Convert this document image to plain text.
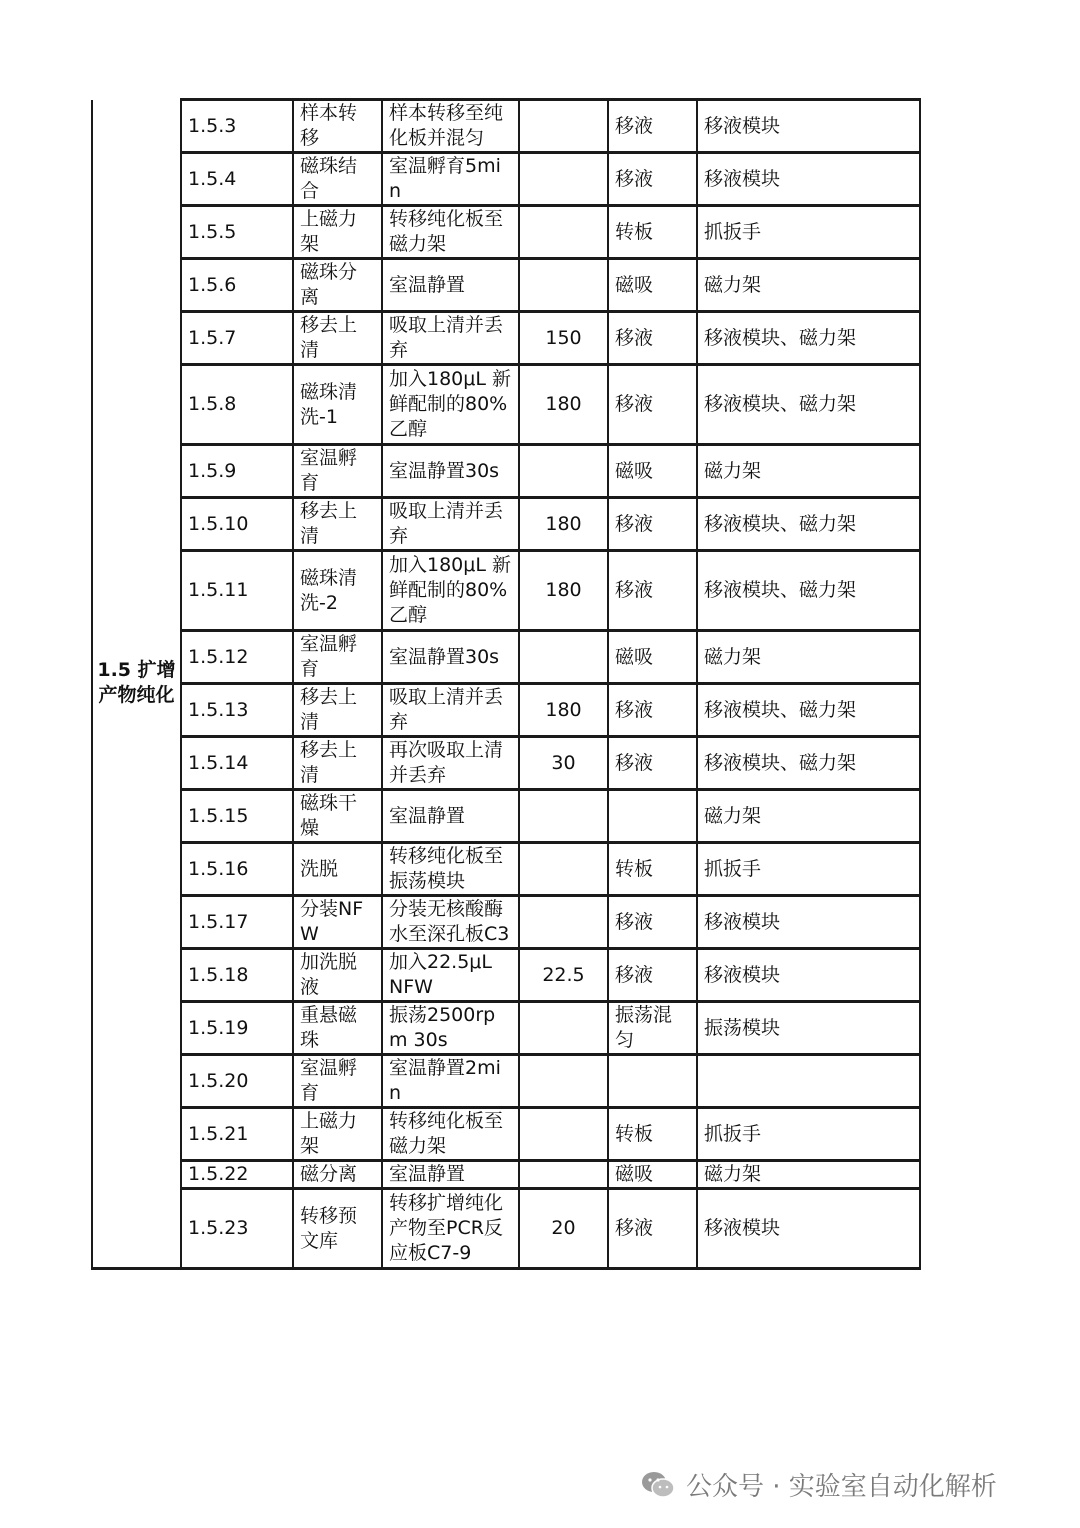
1.5 扩增产物纯化	1.5.3	样本转移	样本转移至纯化板并混匀		移液	移液模块
	1.5.4	磁珠结合	室温孵育5min		移液	移液模块
	1.5.5	上磁力架	转移纯化板至磁力架		转板	抓扳手
	1.5.6	磁珠分离	室温静置		磁吸	磁力架
	1.5.7	移去上清	吸取上清并丢弃	150	移液	移液模块、磁力架
	1.5.8	磁珠清洗-1	加入180μL 新鲜配制的80%乙醇	180	移液	移液模块、磁力架
	1.5.9	室温孵育	室温静置30s		磁吸	磁力架
	1.5.10	移去上清	吸取上清并丢弃	180	移液	移液模块、磁力架
	1.5.11	磁珠清洗-2	加入180μL 新鲜配制的80%乙醇	180	移液	移液模块、磁力架
	1.5.12	室温孵育	室温静置30s		磁吸	磁力架
	1.5.13	移去上清	吸取上清并丢弃	180	移液	移液模块、磁力架
	1.5.14	移去上清	再次吸取上清并丢弃	30	移液	移液模块、磁力架
	1.5.15	磁珠干燥	室温静置			磁力架
	1.5.16	洗脱	转移纯化板至振荡模块		转板	抓扳手
	1.5.17	分装NFW	分装无核酸酶水至深孔板C3		移液	移液模块
	1.5.18	加洗脱液	加入22.5μL NFW	22.5	移液	移液模块
	1.5.19	重悬磁珠	振荡2500rpm 30s		振荡混匀	振荡模块
	1.5.20	室温孵育	室温静置2min			
	1.5.21	上磁力架	转移纯化板至磁力架		转板	抓扳手
	1.5.22	磁分离	室温静置		磁吸	磁力架
	1.5.23	转移预文库	转移扩增纯化产物至PCR反应板C7-9	20	移液	移液模块
公众号 · 实验室自动化解析
